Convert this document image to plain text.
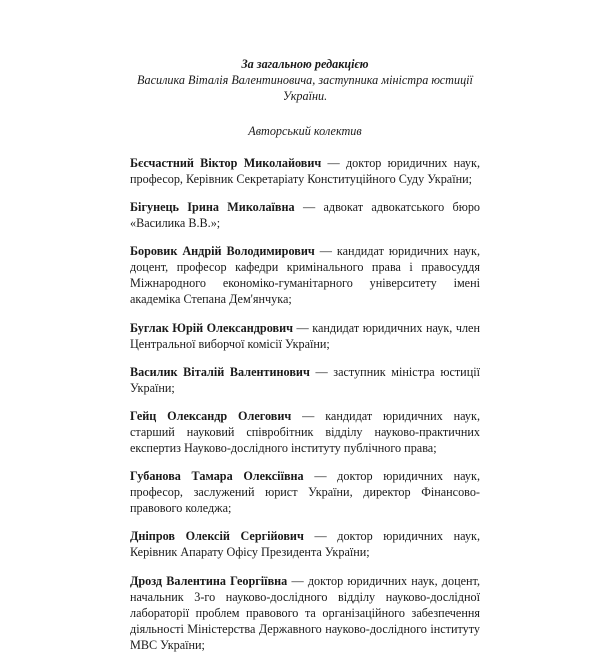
За загальною редакцією
Василика Віталія Валентиновича, заступника міністра юстиції України.
Авторський колектив

Бєсчастний Віктор Миколайович — доктор юридичних наук, професор, Керівник Секретаріату Конституційного Суду України;

Бігунець Ірина Миколаївна — адвокат адвокатського бюро «Василика В.В.»;

Боровик Андрій Володимирович — кандидат юридичних наук, доцент, професор кафедри кримінального права і правосуддя Міжнародного економіко-гуманітарного університету імені академіка Степана Дем'янчука;

Буглак Юрій Олександрович — кандидат юридичних наук, член Центральної виборчої комісії України;

Василик Віталій Валентинович — заступник міністра юстиції України;

Гейц Олександр Олегович — кандидат юридичних наук, старший науковий співробітник відділу науково-практичних експертиз Науково-дослідного інституту публічного права;

Губанова Тамара Олексіївна — доктор юридичних наук, професор, заслужений юрист України, директор Фінансово-правового коледжа;

Дніпров Олексій Сергійович — доктор юридичних наук, Керівник Апарату Офісу Президента України;

Дрозд Валентина Георгіївна — доктор юридичних наук, доцент, начальник 3-го науково-дослідного відділу науково-дослідної лабораторії проблем правового та організаційного забезпечення діяльності Міністерства Державного науково-дослідного інституту МВС України;
